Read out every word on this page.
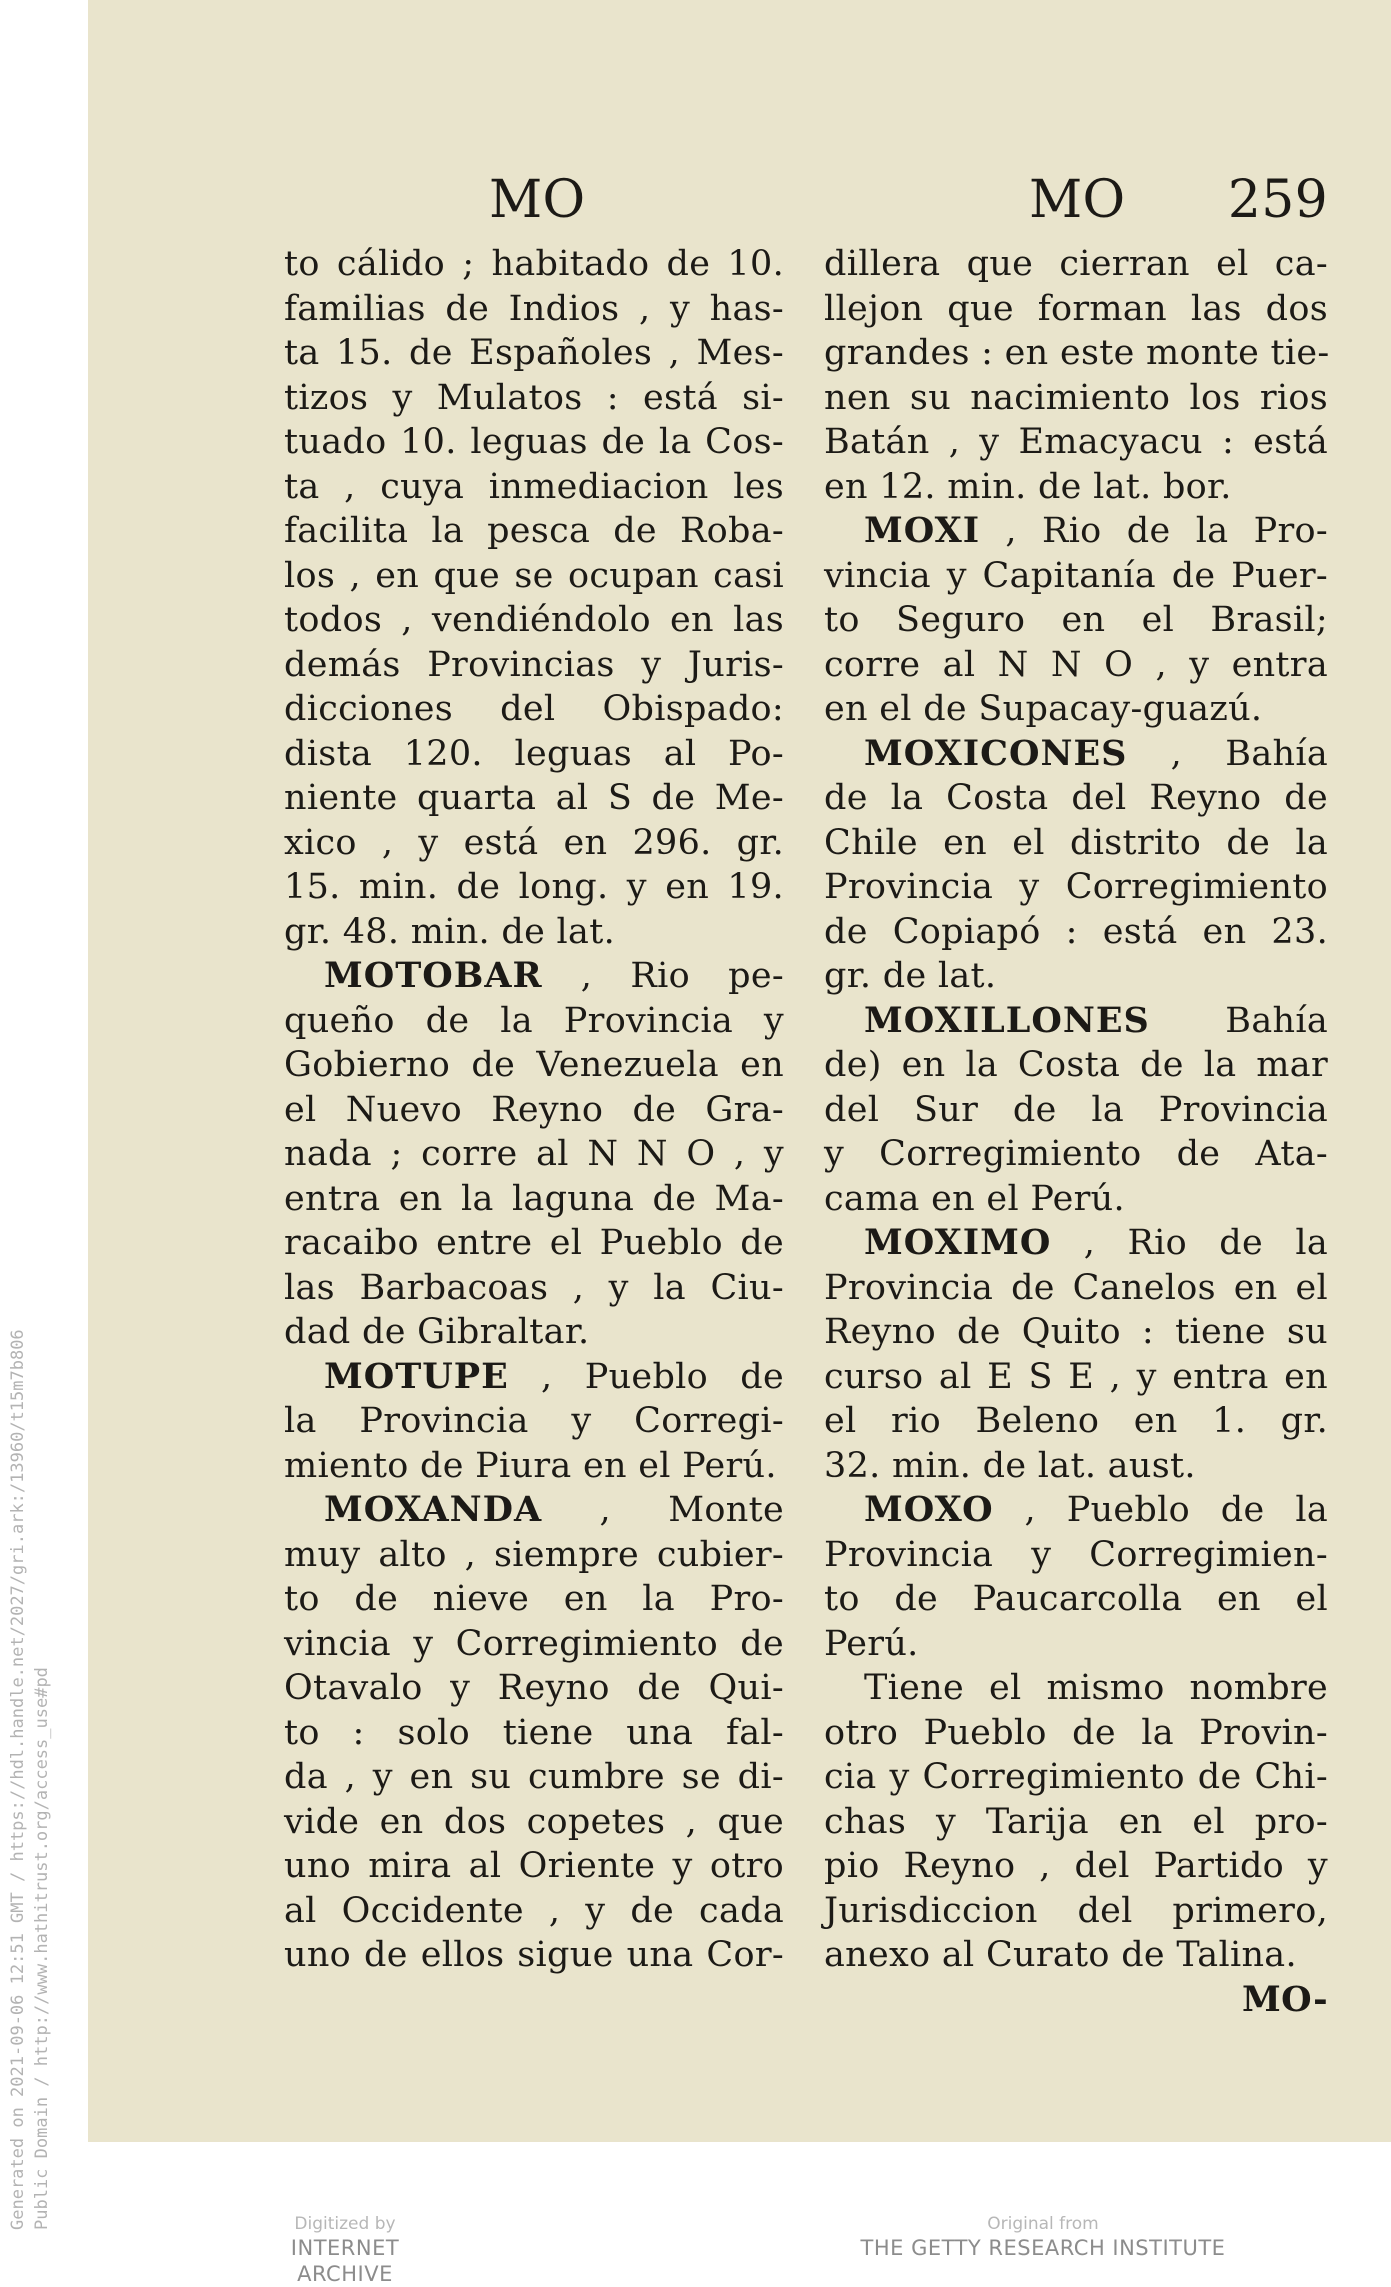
Generated on 2021-09-06 12:51 GMT / https://hdl.handle.net/2027/gri.ark:/13960/t15m7b806 Public Domain / http://www.hathitrust.org/access_use#pd
MO
to cálido ; habitado de 10.
familias de Indios , y has-
ta 15. de Españoles , Mes-
tizos y Mulatos : está si-
tuado 10. leguas de la Cos-
ta , cuya inmediacion les
facilita la pesca de Roba-
los , en que se ocupan casi
todos , vendiéndolo en las
demás Provincias y Juris-
dicciones del Obispado:
dista 120. leguas al Po-
niente quarta al S de Me-
xico , y está en 296. gr.
15. min. de long. y en 19.
gr. 48. min. de lat.
MOTOBAR , Rio pe-
queño de la Provincia y
Gobierno de Venezuela en
el Nuevo Reyno de Gra-
nada ; corre al N N O , y
entra en la laguna de Ma-
racaibo entre el Pueblo de
las Barbacoas , y la Ciu-
dad de Gibraltar.
MOTUPE , Pueblo de
la Provincia y Corregi-
miento de Piura en el Perú.
MOXANDA , Monte
muy alto , siempre cubier-
to de nieve en la Pro-
vincia y Corregimiento de
Otavalo y Reyno de Qui-
to : solo tiene una fal-
da , y en su cumbre se di-
vide en dos copetes , que
uno mira al Oriente y otro
al Occidente , y de cada
uno de ellos sigue una Cor-
MO 259
dillera que cierran el ca-
llejon que forman las dos
grandes : en este monte tie-
nen su nacimiento los rios
Batán , y Emacyacu : está
en 12. min. de lat. bor.
MOXI , Rio de la Pro-
vincia y Capitanía de Puer-
to Seguro en el Brasil;
corre al N N O , y entra
en el de Supacay-guazú.
MOXICONES , Bahía
de la Costa del Reyno de
Chile en el distrito de la
Provincia y Corregimiento
de Copiapó : está en 23.
gr. de lat.
MOXILLONES Bahía
de) en la Costa de la mar
del Sur de la Provincia
y Corregimiento de Ata-
cama en el Perú.
MOXIMO , Rio de la
Provincia de Canelos en el
Reyno de Quito : tiene su
curso al E S E , y entra en
el rio Beleno en 1. gr.
32. min. de lat. aust.
MOXO , Pueblo de la
Provincia y Corregimien-
to de Paucarcolla en el
Perú.
Tiene el mismo nombre
otro Pueblo de la Provin-
cia y Corregimiento de Chi-
chas y Tarija en el pro-
pio Reyno , del Partido y
Jurisdiccion del primero,
anexo al Curato de Talina.
MO-
Digitized by
INTERNET ARCHIVE
Original from
THE GETTY RESEARCH INSTITUTE
